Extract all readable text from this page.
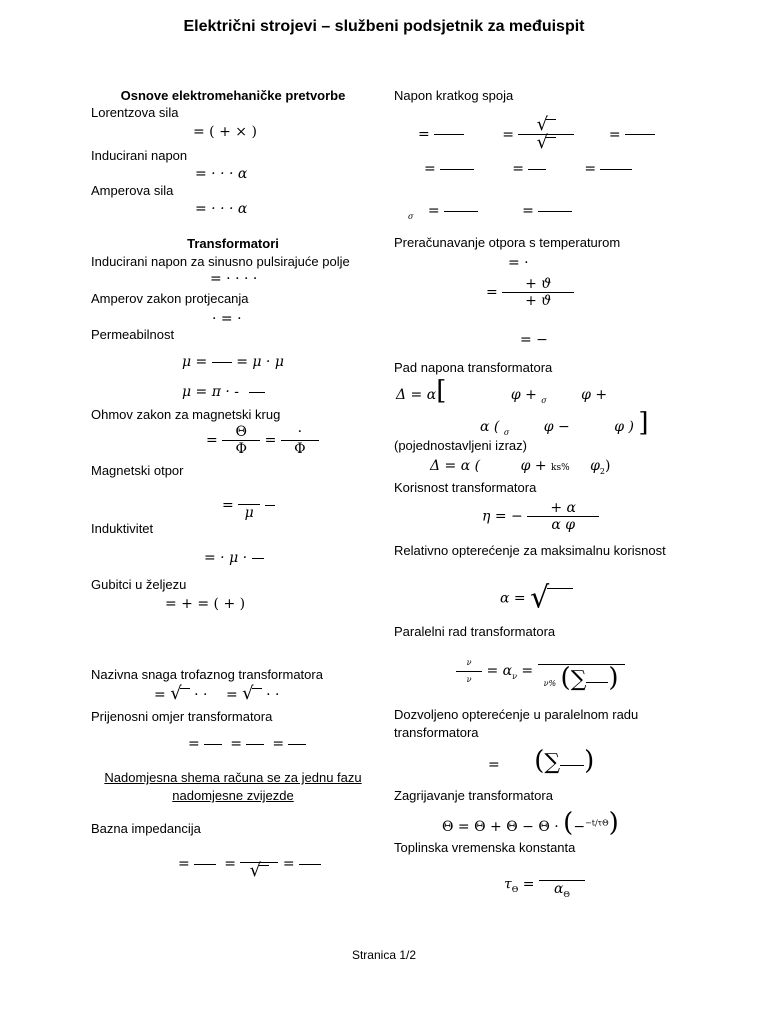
Električni strojevi – službeni podsjetnik za međuispit
Osnove elektromehaničke pretvorbe
Lorentzova sila
= ( + × )
Inducirani napon
= · · · α
Amperova sila
= · · · α
Transformatori
Inducirani napon za sinusno pulsirajuće polje
= · · · ·
Amperov zakon protjecanja
· = ·
Permeabilnost
μ = = μ · μ
μ = π · -
Ohmov zakon za magnetski krug
= $\frac{\Theta}{\Phi} = \frac{\cdot}{\Phi}$
Magnetski otpor
= μ

Induktivitet
= · μ ·
Gubitci u željezu
= + = ( + )
Nazivna snaga trofaznog transformatora
= √ · · = √ · ·
Prijenosni omjer transformatora
= = =
Nadomjesna shema računa se za jednu fazu nadomjesne zvijezde
Bazna impedancija
= = √	=
Napon kratkog spoja
=	= $\frac{√}{√}$ =
=	=	=
$_\sigma$ =	=
Preračunavanje otpora s temperaturom
= ·
= $\frac{+ ϑ}{+ ϑ}$
= −
Pad napona transformatora
Δ = α[	φ + $_\sigma$ φ +
α ( $_\sigma$ φ −	φ ) ]
(pojednostavljeni izraz)
Δ = α (	φ + ks% $\varphi_2$)
Korisnost transformatora
η = − $\frac{+ \alpha}{\text{α φ}}$
Relativno opterećenje za maksimalnu korisnost
α = √
Paralelni rad transformatora
$\frac{\nu}{\nu} = \alpha_\nu$ =
ν% (∑ )
Dozvoljeno opterećenje u paralelnom radu transformatora
= (∑ )
Zagrijavanje transformatora
Θ = Θ + Θ − Θ · (−$^{-t/\tau\Theta}$)
Toplinska vremenska konstanta
$\tau_\Theta$ =	$\alpha_\Theta$
Stranica 1/2
